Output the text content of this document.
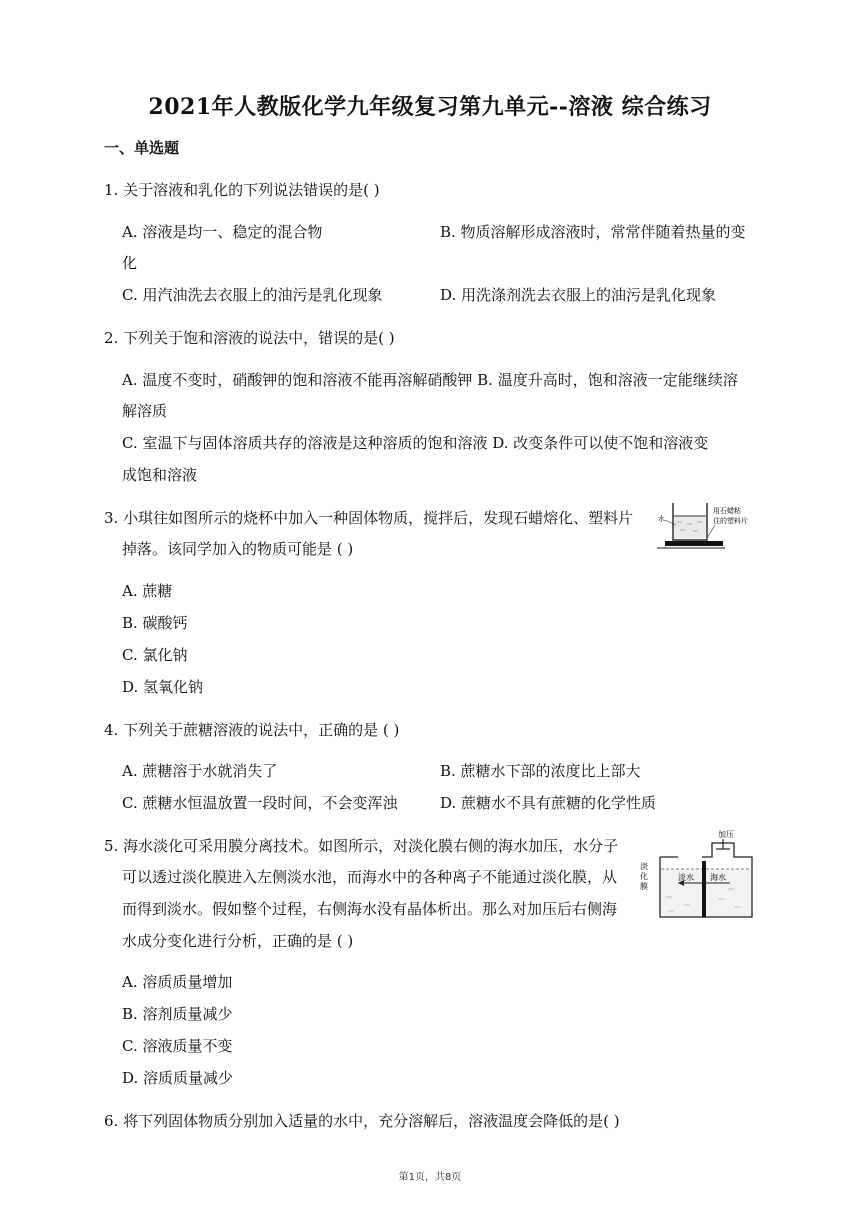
2021年人教版化学九年级复习第九单元--溶液 综合练习
一、单选题
1. 关于溶液和乳化的下列说法错误的是( )
A. 溶液是均一、稳定的混合物	B. 物质溶解形成溶液时，常常伴随着热量的变
化
C. 用汽油洗去衣服上的油污是乳化现象	D. 用洗涤剂洗去衣服上的油污是乳化现象
2. 下列关于饱和溶液的说法中，错误的是( )
A. 温度不变时，硝酸钾的饱和溶液不能再溶解硝酸钾 B. 温度升高时，饱和溶液一定能继续溶
解溶质
C. 室温下与固体溶质共存的溶液是这种溶质的饱和溶液 D. 改变条件可以使不饱和溶液变
成饱和溶液
3. 小琪往如图所示的烧杯中加入一种固体物质，搅拌后，发现石蜡熔化、塑料片
掉落。该同学加入的物质可能是 ( )
A. 蔗糖
B. 碳酸钙
C. 氯化钠
D. 氢氧化钠
水
用石蜡粘
住的塑料片
4. 下列关于蔗糖溶液的说法中，正确的是 ( )
A. 蔗糖溶于水就消失了	B. 蔗糖水下部的浓度比上部大
C. 蔗糖水恒温放置一段时间，不会变浑浊	D. 蔗糖水不具有蔗糖的化学性质
5. 海水淡化可采用膜分离技术。如图所示，对淡化膜右侧的海水加压，水分子
可以透过淡化膜进入左侧淡水池，而海水中的各种离子不能通过淡化膜，从
而得到淡水。假如整个过程，右侧海水没有晶体析出。那么对加压后右侧海
水成分变化进行分析，正确的是 ( )
A. 溶质质量增加
B. 溶剂质量减少
C. 溶液质量不变
D. 溶质质量减少
加压
淡
化
膜
淡水 海水
6. 将下列固体物质分别加入适量的水中，充分溶解后，溶液温度会降低的是( )
第1页，共8页
